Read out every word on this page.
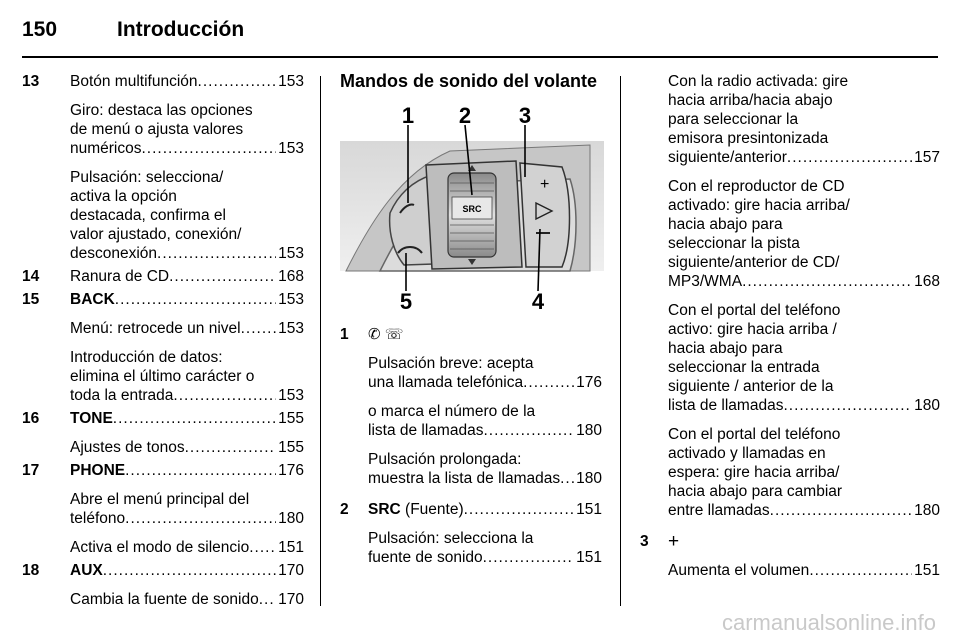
150	Introducción
13 Botón multifunción .....	153
Giro: destaca las opciones
de menú o ajusta valores
numéricos .....	153
Pulsación: selecciona/
activa la opción
destacada, confirma el
valor ajustado, conexión/
desconexión .....	153
14 Ranura de CD .....	168
15 BACK .....	153
Menú: retrocede un nivel ..... 153
Introducción de datos:
elimina el último carácter o
toda la entrada .....	153
16 TONE .....	155
Ajustes de tonos .....	155
17 PHONE .....	176
Abre el menú principal del
teléfono .....	180
Activa el modo de silencio ..... 151
18 AUX .....	170
Cambia la fuente de sonido ..... 170
Mandos de sonido del volante
SRC
+
1 2 3
4
5
1 ✆ ☏
Pulsación breve: acepta
una llamada telefónica .....	176
o marca el número de la
lista de llamadas .....	180
Pulsación prolongada:
muestra la lista de llamadas ..... 180
2 SRC (Fuente) .....	151
Pulsación: selecciona la
fuente de sonido .....	151
Con la radio activada: gire
hacia arriba/hacia abajo
para seleccionar la
emisora presintonizada
siguiente/anterior .....	157
Con el reproductor de CD
activado: gire hacia arriba/
hacia abajo para
seleccionar la pista
siguiente/anterior de CD/
MP3/WMA .....	168
Con el portal del teléfono
activo: gire hacia arriba /
hacia abajo para
seleccionar la entrada
siguiente / anterior de la
lista de llamadas .....	180
Con el portal del teléfono
activado y llamadas en
espera: gire hacia arriba/
hacia abajo para cambiar
entre llamadas .....	180
3 +
Aumenta el volumen .....	151
carmanualsonline.info
